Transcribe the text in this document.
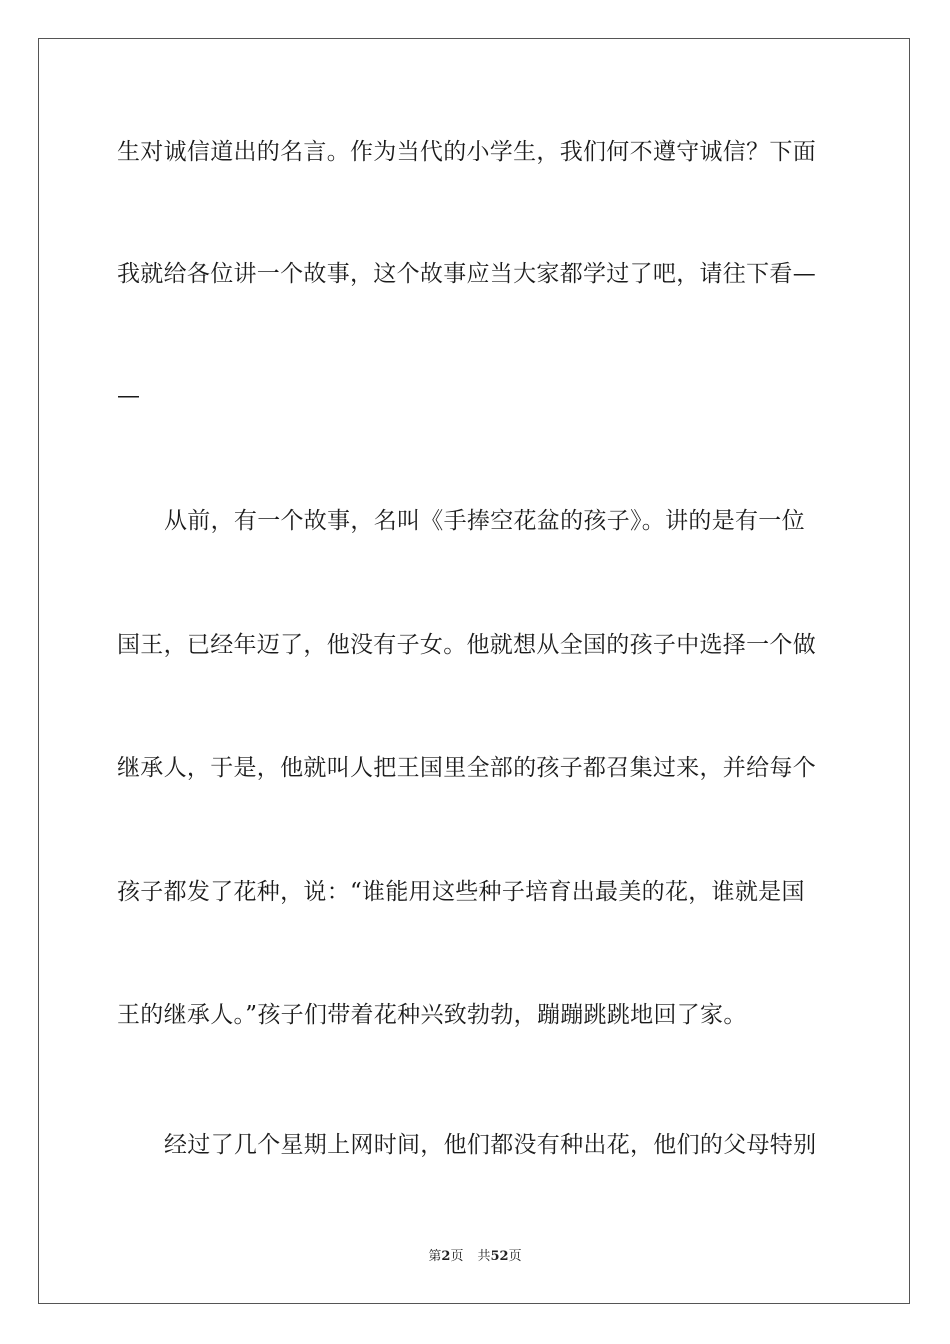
生对诚信道出的名言。作为当代的小学生，我们何不遵守诚信？下面
我就给各位讲一个故事，这个故事应当大家都学过了吧，请往下看—
—
从前，有一个故事，名叫《手捧空花盆的孩子》。讲的是有一位
国王，已经年迈了，他没有子女。他就想从全国的孩子中选择一个做
继承人，于是，他就叫人把王国里全部的孩子都召集过来，并给每个
孩子都发了花种，说：“谁能用这些种子培育出最美的花，谁就是国
王的继承人。”孩子们带着花种兴致勃勃，蹦蹦跳跳地回了家。
经过了几个星期上网时间，他们都没有种出花，他们的父母特别
第2页 共52页
